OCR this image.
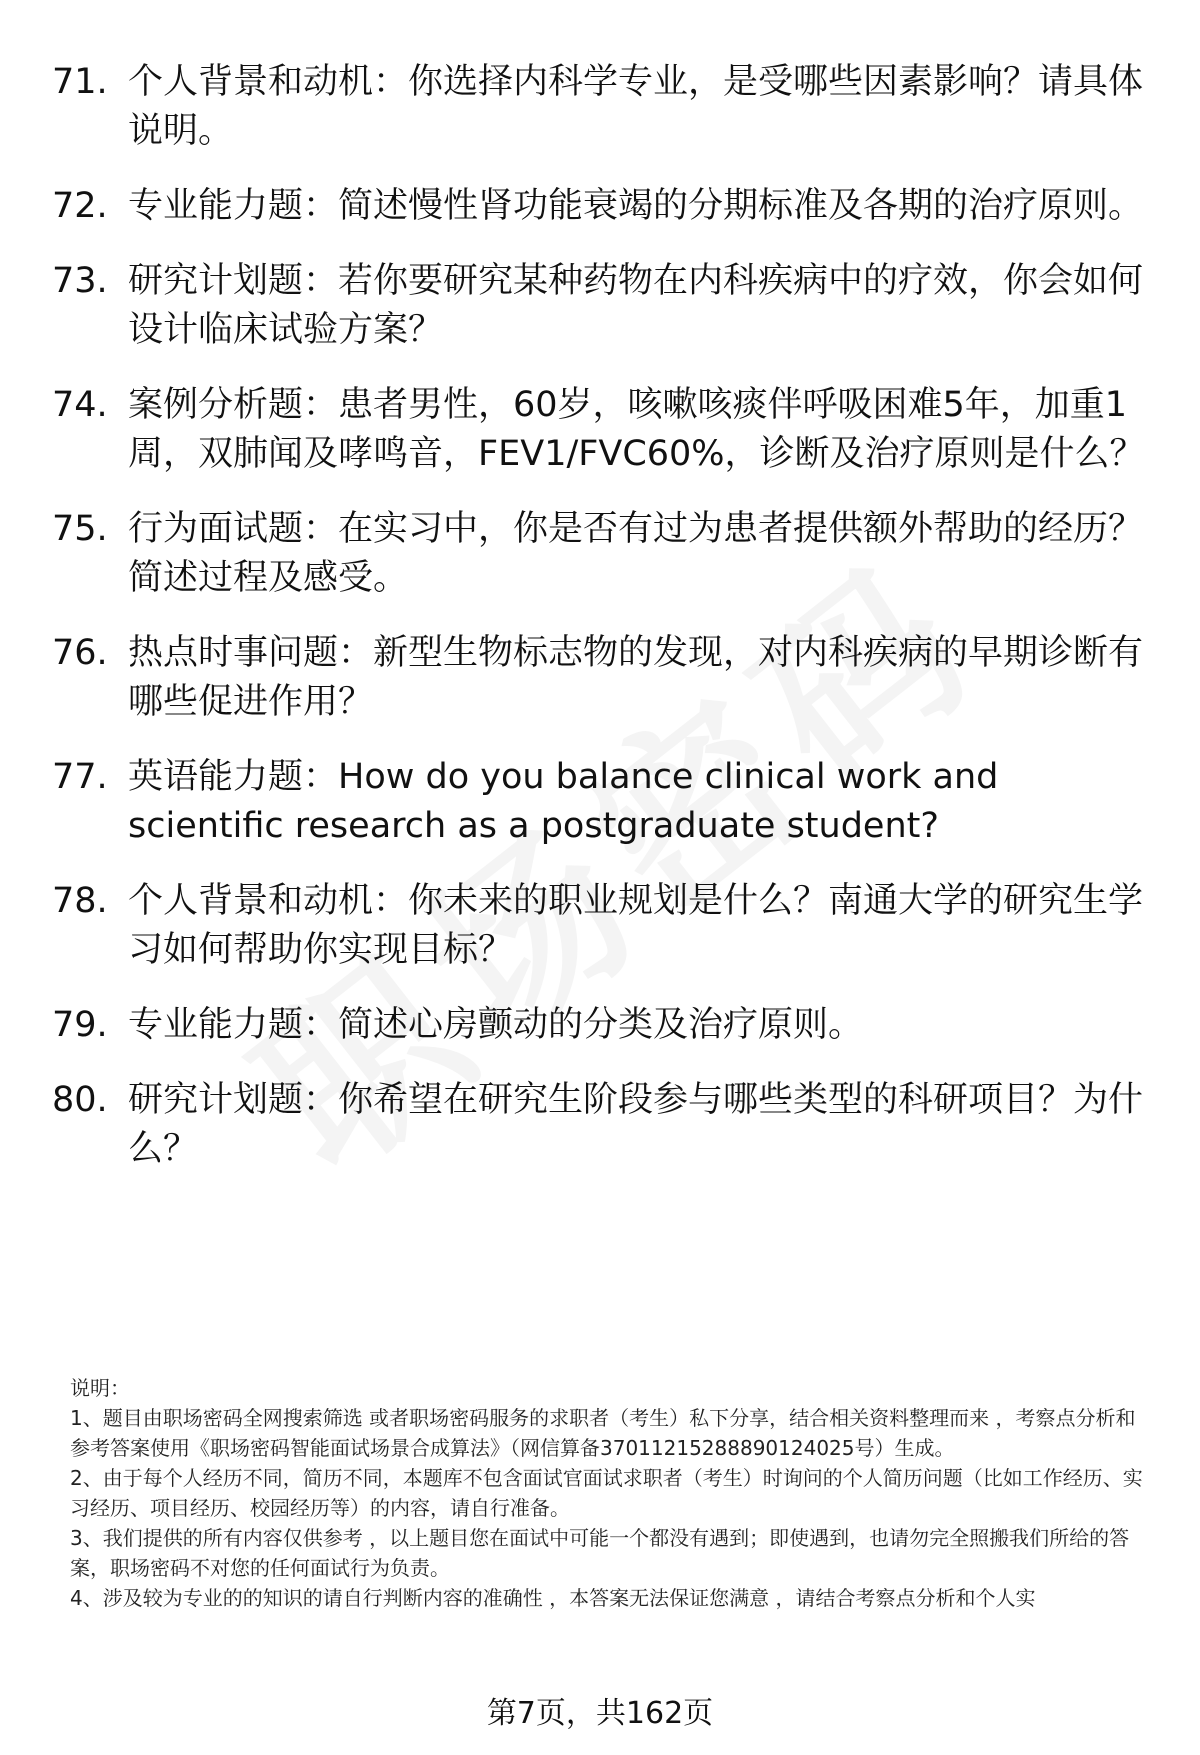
71. 个人背景和动机：你选择内科学专业，是受哪些因素影响？请具体说明。
72. 专业能力题：简述慢性肾功能衰竭的分期标准及各期的治疗原则。
73. 研究计划题：若你要研究某种药物在内科疾病中的疗效，你会如何设计临床试验方案？
74. 案例分析题：患者男性，60岁，咳嗽咳痰伴呼吸困难5年，加重1周，双肺闻及哮鸣音，FEV1/FVC60%，诊断及治疗原则是什么？
75. 行为面试题：在实习中，你是否有过为患者提供额外帮助的经历？简述过程及感受。
76. 热点时事问题：新型生物标志物的发现，对内科疾病的早期诊断有哪些促进作用？
77. 英语能力题：How do you balance clinical work and scientific research as a postgraduate student?
78. 个人背景和动机：你未来的职业规划是什么？南通大学的研究生学习如何帮助你实现目标？
79. 专业能力题：简述心房颤动的分类及治疗原则。
80. 研究计划题：你希望在研究生阶段参与哪些类型的科研项目？为什么？

说明：

1、题目由职场密码全网搜索筛选 或者职场密码服务的求职者（考生）私下分享，结合相关资料整理而来 ，考察点分析和参考答案使用《职场密码智能面试场景合成算法》（网信算备37011215288890124025号）生成。

2、由于每个人经历不同，简历不同，本题库不包含面试官面试求职者（考生）时询问的个人简历问题（比如工作经历、实习经历、项目经历、校园经历等）的内容，请自行准备。

3、我们提供的所有内容仅供参考 ，以上题目您在面试中可能一个都没有遇到；即使遇到，也请勿完全照搬我们所给的答案，职场密码不对您的任何面试行为负责。

4、涉及较为专业的的知识的请自行判断内容的准确性 ，本答案无法保证您满意 ，请结合考察点分析和个人实

第7页，共162页
